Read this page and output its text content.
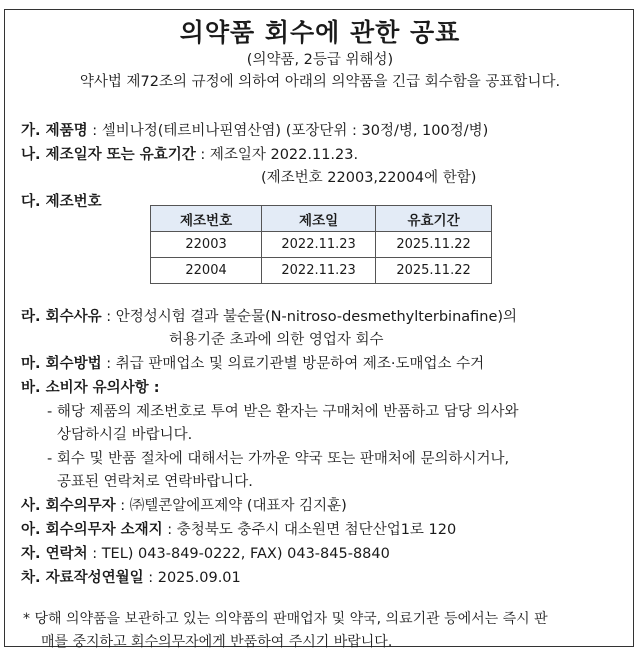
의약품 회수에 관한 공표
(의약품, 2등급 위해성)
약사법 제72조의 규정에 의하여 아래의 의약품을 긴급 회수함을 공표합니다.
가. 제품명 : 셀비나정(테르비나핀염산염) (포장단위 : 30정/병, 100정/병)
나. 제조일자 또는 유효기간 : 제조일자 2022.11.23.
(제조번호 22003,22004에 한함)
다. 제조번호
제조번호	제조일	유효기간
22003	2022.11.23	2025.11.22
22004	2022.11.23	2025.11.22
라. 회수사유 : 안정성시험 결과 불순물(N-nitroso-desmethylterbinafine)의
허용기준 초과에 의한 영업자 회수
마. 회수방법 : 취급 판매업소 및 의료기관별 방문하여 제조·도매업소 수거
바. 소비자 유의사항 :
- 해당 제품의 제조번호로 투여 받은 환자는 구매처에 반품하고 담당 의사와
상담하시길 바랍니다.
- 회수 및 반품 절차에 대해서는 가까운 약국 또는 판매처에 문의하시거나,
공표된 연락처로 연락바랍니다.
사. 회수의무자 : ㈜텔콘알에프제약 (대표자 김지훈)
아. 회수의무자 소재지 : 충청북도 충주시 대소원면 첨단산업1로 120
자. 연락처 : TEL) 043-849-0222, FAX) 043-845-8840
차. 자료작성연월일 : 2025.09.01
* 당해 의약품을 보관하고 있는 의약품의 판매업자 및 약국, 의료기관 등에서는 즉시 판
매를 중지하고 회수의무자에게 반품하여 주시기 바랍니다.
